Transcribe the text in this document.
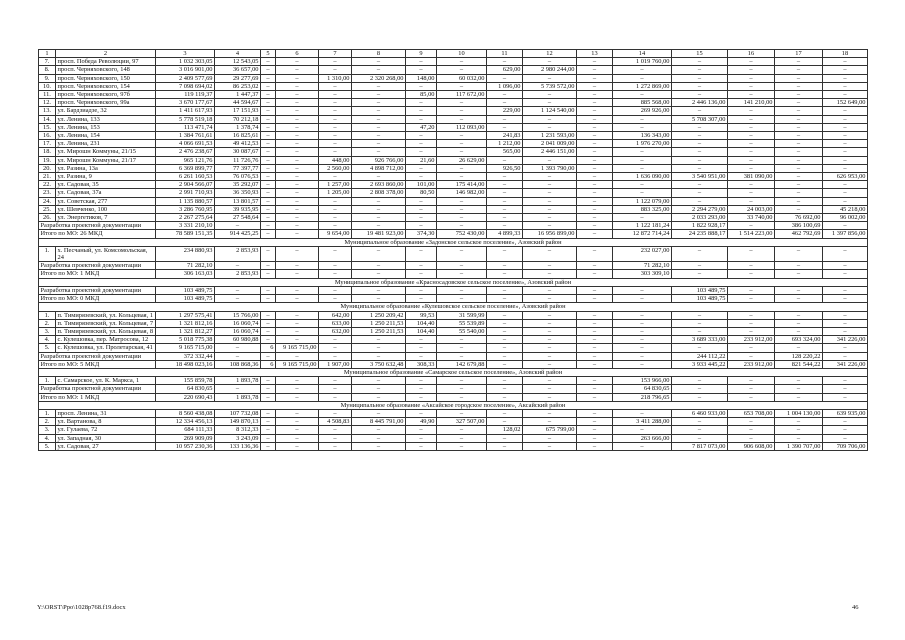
1	2	3	4	5	6	7	8	9	10	11	12	13	14	15	16	17	18
7.	просп. Победа Революции, 97	1 032 303,05	12 543,05	–	–	–	–	–	–	–	–	–	1 019 760,00	–	–	–	–
8.	просп. Черняховского, 148	3 016 901,00	36 657,00	–	–	–	–	–	–	629,00	2 980 244,00	–	–	–	–	–	–
9.	просп. Черняховского, 150	2 409 577,69	29 277,69	–	–	1 310,00	2 320 268,00	148,00	60 032,00	–	–	–	–	–	–	–	–
10.	просп. Черняховского, 154	7 098 694,02	86 253,02	–	–	–	–	–	–	1 096,00	5 739 572,00	–	1 272 869,00	–	–	–	–
11.	просп. Черняховского, 97б	119 119,37	1 447,37	–	–	–	–	85,00	117 672,00	–	–	–	–	–	–	–	–
12.	просп. Черняховского, 99а	3 670 177,67	44 594,67	–	–	–	–	–	–	–	–	–	885 568,00	2 446 136,00	141 210,00	–	152 649,00
13.	ул. Бардзиадзе, 32	1 411 617,93	17 151,93	–	–	–	–	–	–	229,00	1 124 540,00	–	269 926,00	–	–	–	–
14.	ул. Ленина, 133	5 778 519,18	70 212,18	–	–	–	–	–	–	–	–	–	–	5 708 307,00	–	–	–
15.	ул. Ленина, 153	113 471,74	1 378,74	–	–	–	–	47,20	112 093,00	–	–	–	–	–	–	–	–
16.	ул. Ленина, 154	1 384 761,61	16 825,61	–	–	–	–	–	–	241,83	1 231 593,00	–	136 343,00	–	–	–	–
17.	ул. Ленина, 231	4 066 691,53	49 412,53	–	–	–	–	–	–	1 212,00	2 041 009,00	–	1 976 270,00	–	–	–	–
18.	ул. Мирошн Коммуны, 21/15	2 476 238,67	30 087,67	–	–	–	–	–	–	565,00	2 446 151,00	–	–	–	–	–	–
19.	ул. Мирошн Коммуны, 21/17	965 121,76	11 726,76	–	–	448,00	926 766,00	21,60	26 629,00	–	–	–	–	–	–	–	–
20.	ул. Разина, 13а	6 369 899,77	77 397,77	–	–	2 560,00	4 898 712,00	–	–	926,50	1 393 790,00	–	–	–	–	–	–
21.	ул. Разина, 9	6 261 160,53	76 076,53	–	–	–	–	–	–	–	–	–	1 636 090,00	3 540 951,00	381 090,00	–	626 953,00
22.	ул. Садовая, 35	2 904 566,07	35 292,07	–	–	1 257,00	2 693 860,00	101,00	175 414,00	–	–	–	–	–	–	–	–
23.	ул. Садовая, 37а	2 991 710,93	36 350,93	–	–	1 205,00	2 808 378,00	80,50	146 982,00	–	–	–	–	–	–	–	–
24.	ул. Советская, 277	1 135 880,57	13 801,57	–	–	–	–	–	–	–	–	–	1 122 079,00	–	–	–	–
25.	ул. Шевченко, 100	3 286 760,95	39 935,95	–	–	–	–	–	–	–	–	–	883 325,00	2 294 279,00	24 003,00	–	45 218,00
26.	ул. Энергетиков, 7	2 267 275,64	27 548,64	–	–	–	–	–	–	–	–	–	–	2 033 293,00	33 740,00	76 692,00	96 002,00
Разработка проектной документации		3 331 210,10	–	–	–	–	–	–	–	–	–	–	1 122 181,24	1 822 928,17	–	386 100,69	–
Итого по МО: 26 МКД		78 589 151,35	914 425,25	–	–	9 654,00	19 481 923,00	374,30	752 430,00	4 899,33	16 956 899,00	–	12 872 714,24	24 235 888,17	1 514 223,00	462 792,69	1 397 856,00
Муниципальное образование «Задонское сельское поселение», Азовский район																	
1.	х. Песчаный, ул. Комсомольская, 24	234 880,93	2 853,93	–	–	–	–	–	–	–	–	–	232 027,00	–	–	–	–
Разработка проектной документации		71 282,10	–	–	–	–	–	–	–	–	–	–	71 282,10	–	–	–	–
Итого по МО: 1 МКД		306 163,03	2 853,93	–	–	–	–	–	–	–	–	–	303 309,10	–	–	–	–
Муниципальное образование «Красносадовское сельское поселение», Азовский район																	
Разработка проектной документации		103 489,75	–	–	–	–	–	–	–	–	–	–	–	103 489,75	–	–	–
Итого по МО: 0 МКД		103 489,75	–	–	–	–	–	–	–	–	–	–	–	103 489,75	–	–	–
Муниципальное образование «Кулешовское сельское поселение», Азовский район																	
1.	п. Тимирязевский, ул. Кольцевая, 1	1 297 575,41	15 766,00	–	–	642,00	1 250 209,42	99,53	31 599,99	–	–	–	–	–	–	–	–
2.	п. Тимирязевский, ул. Кольцевая, 7	1 321 812,16	16 060,74	–	–	633,00	1 250 211,53	104,40	55 539,89	–	–	–	–	–	–	–	–
3.	п. Тимирязевский, ул. Кольцевая, 8	1 321 812,27	16 060,74	–	–	632,00	1 250 211,53	104,40	55 540,00	–	–	–	–	–	–	–	–
4.	с. Кулешовка, пер. Матросова, 12	5 018 775,38	60 980,88	–	–	–	–	–	–	–	–	–	–	3 689 333,00	233 912,00	693 324,00	341 226,00
5.	с. Кулешовка, ул. Пролетарская, 41	9 165 715,00	–	6	9 165 715,00	–	–	–	–	–	–	–	–	–	–	–	–
Разработка проектной документации		372 332,44	–	–	–	–	–	–	–	–	–	–	–	244 112,22	–	128 220,22	–
Итого по МО: 5 МКД		18 498 023,16	108 868,36	6	9 165 715,00	1 907,00	3 750 632,48	308,33	142 679,88	–	–	–	–	3 933 445,22	233 912,00	821 544,22	341 226,00
Муниципальное образование «Самарское сельское поселение», Азовский район																	
1.	с. Самарское, ул. К. Маркса, 1	155 859,78	1 893,78	–	–	–	–	–	–	–	–	–	153 966,00	–	–	–	–
Разработка проектной документации		64 830,65	–	–	–	–	–	–	–	–	–	–	64 830,65	–	–	–	–
Итого по МО: 1 МКД		220 690,43	1 893,78	–	–	–	–	–	–	–	–	–	218 796,65	–	–	–	–
Муниципальное образование «Аксайское городское поселение», Аксайский район																	
1.	просп. Ленина, 31	8 560 438,08	107 732,08	–	–	–	–	–	–	–	–	–	–	6 460 933,00	653 708,00	1 004 130,00	639 935,00
2.	ул. Вартанова, 8	12 334 456,13	149 870,13	–	–	4 508,83	8 445 791,00	49,90	327 507,00	–	–	–	3 411 288,00	–	–	–	–
3.	ул. Гулаева, 72	684 111,33	8 312,33	–	–	–	–	–	–	128,02	675 799,00	–	–	–	–	–	–
4.	ул. Западная, 30	269 909,09	3 243,09	–	–	–	–	–	–	–	–	–	263 666,00	–	–	–	–
5.	ул. Садовая, 27	10 957 230,36	133 136,36	–	–	–	–	–	–	–	–	–	–	7 817 073,00	906 608,00	1 390 707,00	709 706,00
Y:\ORST\Ppo\1028p768.f19.docx	46
